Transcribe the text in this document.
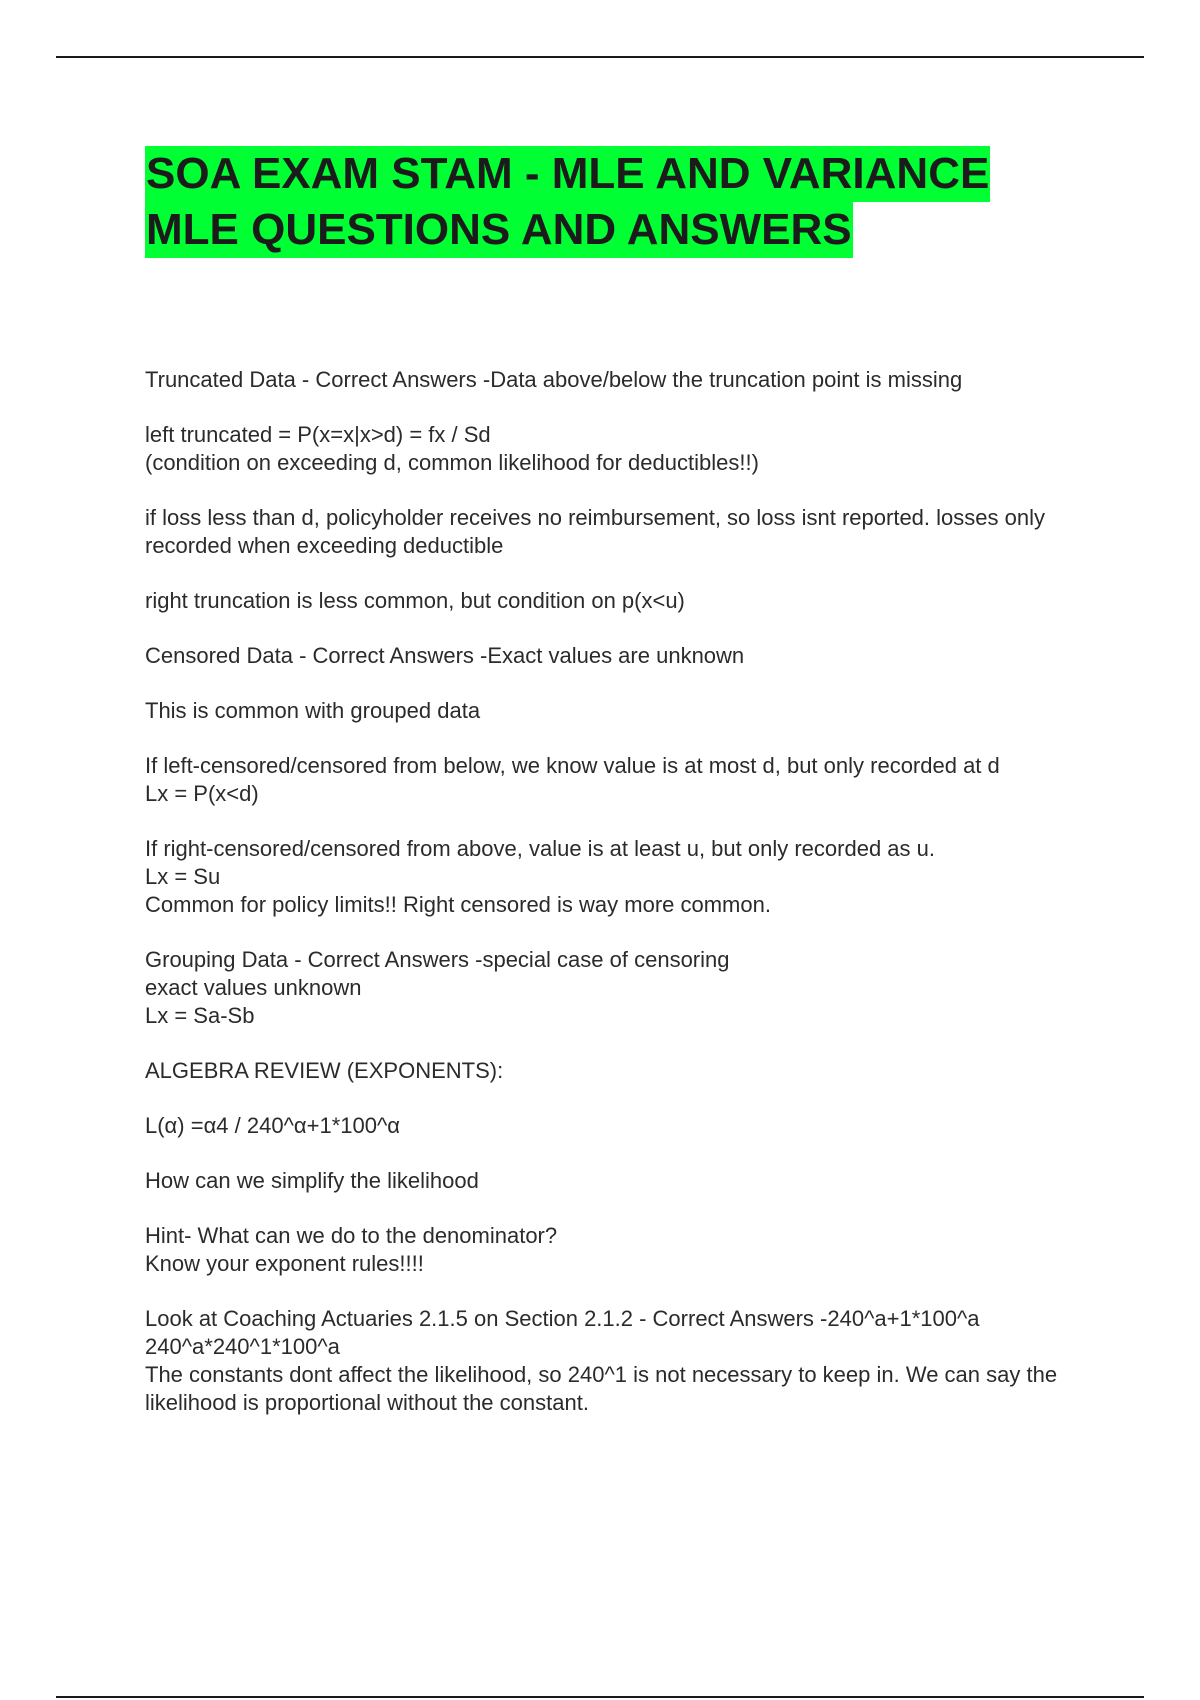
SOA EXAM STAM - MLE AND VARIANCE
MLE QUESTIONS AND ANSWERS

Truncated Data - Correct Answers -Data above/below the truncation point is missing

left truncated = P(x=x|x>d) = fx / Sd
(condition on exceeding d, common likelihood for deductibles!!)

if loss less than d, policyholder receives no reimbursement, so loss isnt reported. losses only recorded when exceeding deductible

right truncation is less common, but condition on p(x<u)

Censored Data - Correct Answers -Exact values are unknown

This is common with grouped data

If left-censored/censored from below, we know value is at most d, but only recorded at d
Lx = P(x<d)

If right-censored/censored from above, value is at least u, but only recorded as u.
Lx = Su
Common for policy limits!! Right censored is way more common.

Grouping Data - Correct Answers -special case of censoring
exact values unknown
Lx = Sa-Sb

ALGEBRA REVIEW (EXPONENTS):

L(α) =α4 / 240^α+1*100^α

How can we simplify the likelihood

Hint- What can we do to the denominator?
Know your exponent rules!!!!

Look at Coaching Actuaries 2.1.5 on Section 2.1.2 - Correct Answers -240^a+1*100^a
240^a*240^1*100^a
The constants dont affect the likelihood, so 240^1 is not necessary to keep in. We can say the likelihood is proportional without the constant.
